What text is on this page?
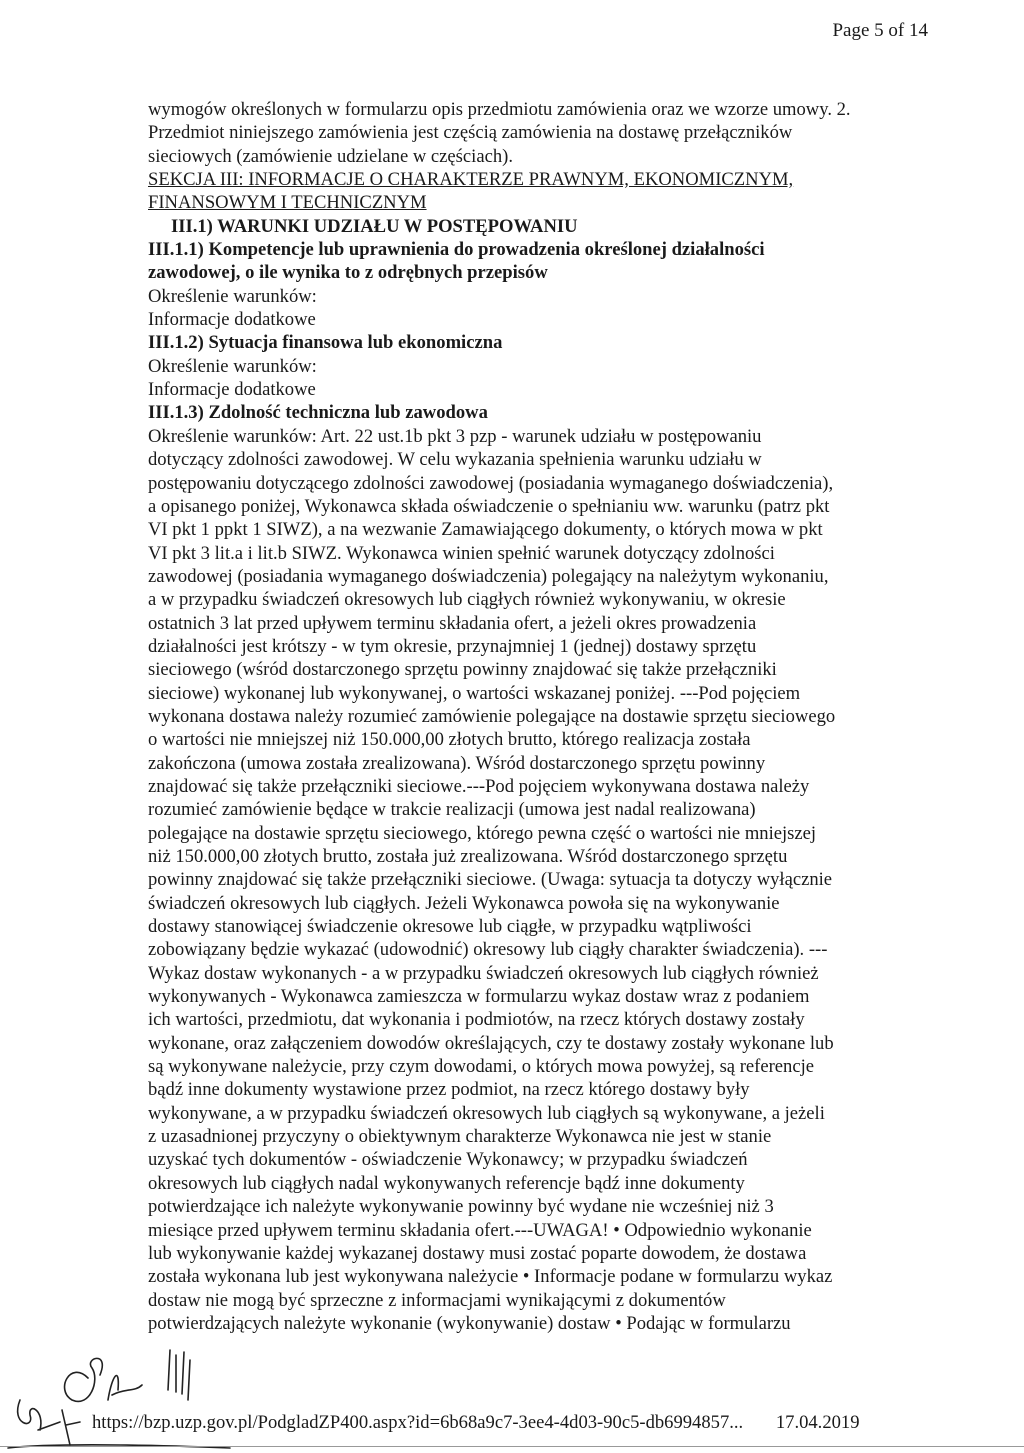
Page 5 of 14
wymogów określonych w formularzu opis przedmiotu zamówienia oraz we wzorze umowy. 2.
Przedmiot niniejszego zamówienia jest częścią zamówienia na dostawę przełączników
sieciowych (zamówienie udzielane w częściach).
SEKCJA III: INFORMACJE O CHARAKTERZE PRAWNYM, EKONOMICZNYM,
FINANSOWYM I TECHNICZNYM
III.1) WARUNKI UDZIAŁU W POSTĘPOWANIU
III.1.1) Kompetencje lub uprawnienia do prowadzenia określonej działalności
zawodowej, o ile wynika to z odrębnych przepisów
Określenie warunków:
Informacje dodatkowe
III.1.2) Sytuacja finansowa lub ekonomiczna
Określenie warunków:
Informacje dodatkowe
III.1.3) Zdolność techniczna lub zawodowa
Określenie warunków: Art. 22 ust.1b pkt 3 pzp - warunek udziału w postępowaniu
dotyczący zdolności zawodowej. W celu wykazania spełnienia warunku udziału w
postępowaniu dotyczącego zdolności zawodowej (posiadania wymaganego doświadczenia),
a opisanego poniżej, Wykonawca składa oświadczenie o spełnianiu ww. warunku (patrz pkt
VI pkt 1 ppkt 1 SIWZ), a na wezwanie Zamawiającego dokumenty, o których mowa w pkt
VI pkt 3 lit.a i lit.b SIWZ. Wykonawca winien spełnić warunek dotyczący zdolności
zawodowej (posiadania wymaganego doświadczenia) polegający na należytym wykonaniu,
a w przypadku świadczeń okresowych lub ciągłych również wykonywaniu, w okresie
ostatnich 3 lat przed upływem terminu składania ofert, a jeżeli okres prowadzenia
działalności jest krótszy - w tym okresie, przynajmniej 1 (jednej) dostawy sprzętu
sieciowego (wśród dostarczonego sprzętu powinny znajdować się także przełączniki
sieciowe) wykonanej lub wykonywanej, o wartości wskazanej poniżej. ---Pod pojęciem
wykonana dostawa należy rozumieć zamówienie polegające na dostawie sprzętu sieciowego
o wartości nie mniejszej niż 150.000,00 złotych brutto, którego realizacja została
zakończona (umowa została zrealizowana). Wśród dostarczonego sprzętu powinny
znajdować się także przełączniki sieciowe.---Pod pojęciem wykonywana dostawa należy
rozumieć zamówienie będące w trakcie realizacji (umowa jest nadal realizowana)
polegające na dostawie sprzętu sieciowego, którego pewna część o wartości nie mniejszej
niż 150.000,00 złotych brutto, została już zrealizowana. Wśród dostarczonego sprzętu
powinny znajdować się także przełączniki sieciowe. (Uwaga: sytuacja ta dotyczy wyłącznie
świadczeń okresowych lub ciągłych. Jeżeli Wykonawca powoła się na wykonywanie
dostawy stanowiącej świadczenie okresowe lub ciągłe, w przypadku wątpliwości
zobowiązany będzie wykazać (udowodnić) okresowy lub ciągły charakter świadczenia). ---
Wykaz dostaw wykonanych - a w przypadku świadczeń okresowych lub ciągłych również
wykonywanych - Wykonawca zamieszcza w formularzu wykaz dostaw wraz z podaniem
ich wartości, przedmiotu, dat wykonania i podmiotów, na rzecz których dostawy zostały
wykonane, oraz załączeniem dowodów określających, czy te dostawy zostały wykonane lub
są wykonywane należycie, przy czym dowodami, o których mowa powyżej, są referencje
bądź inne dokumenty wystawione przez podmiot, na rzecz którego dostawy były
wykonywane, a w przypadku świadczeń okresowych lub ciągłych są wykonywane, a jeżeli
z uzasadnionej przyczyny o obiektywnym charakterze Wykonawca nie jest w stanie
uzyskać tych dokumentów - oświadczenie Wykonawcy; w przypadku świadczeń
okresowych lub ciągłych nadal wykonywanych referencje bądź inne dokumenty
potwierdzające ich należyte wykonywanie powinny być wydane nie wcześniej niż 3
miesiące przed upływem terminu składania ofert.---UWAGA! • Odpowiednio wykonanie
lub wykonywanie każdej wykazanej dostawy musi zostać poparte dowodem, że dostawa
została wykonana lub jest wykonywana należycie • Informacje podane w formularzu wykaz
dostaw nie mogą być sprzeczne z informacjami wynikającymi z dokumentów
potwierdzających należyte wykonanie (wykonywanie) dostaw • Podając w formularzu
https://bzp.uzp.gov.pl/PodgladZP400.aspx?id=6b68a9c7-3ee4-4d03-90c5-db6994857... 17.04.2019
